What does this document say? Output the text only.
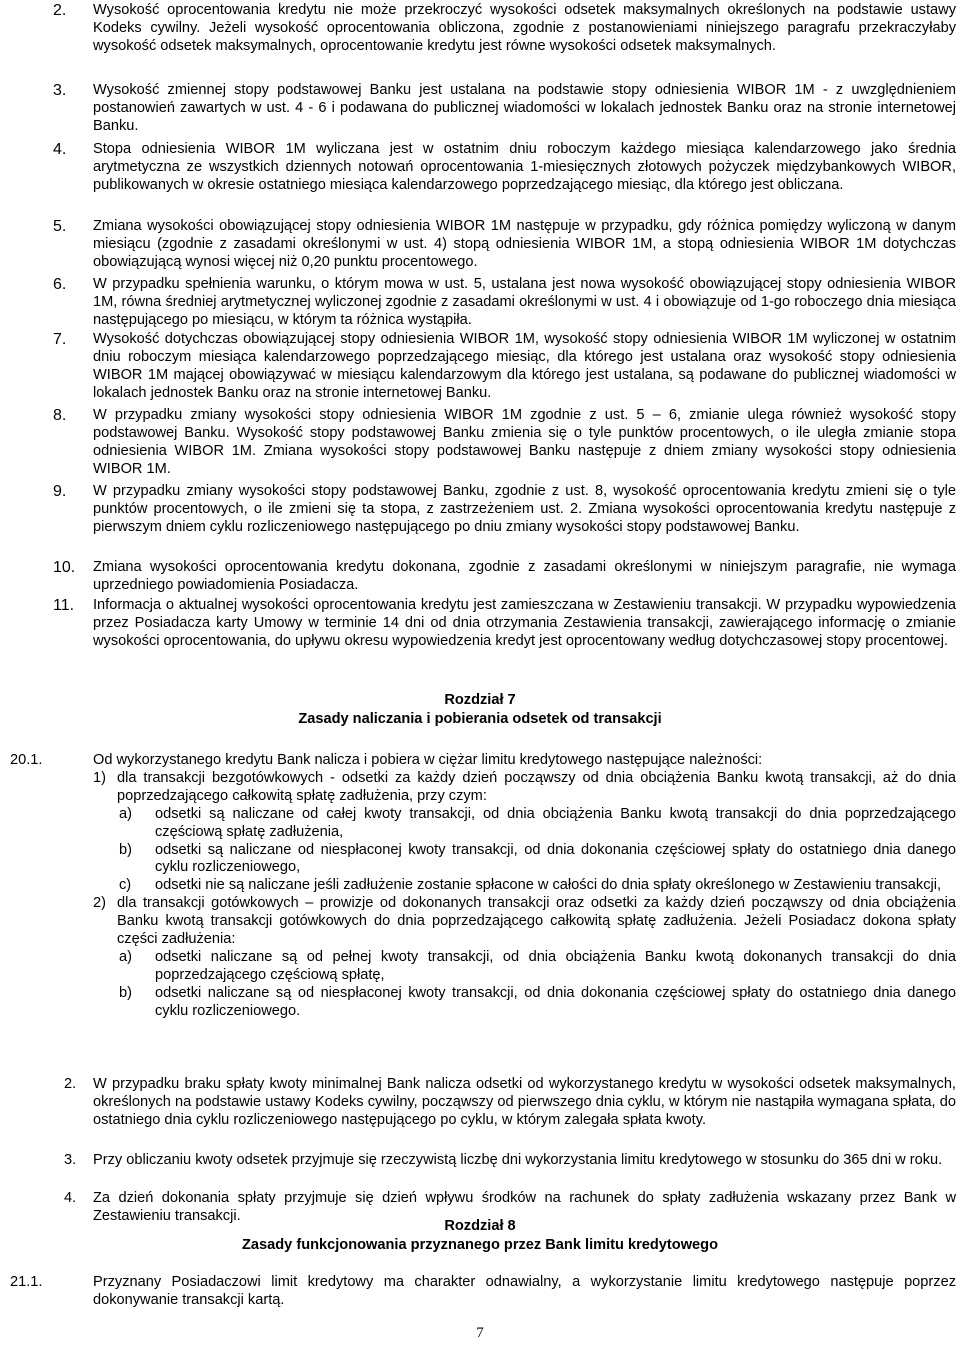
2. Wysokość oprocentowania kredytu nie może przekroczyć wysokości odsetek maksymalnych określonych na podstawie ustawy Kodeks cywilny. Jeżeli wysokość oprocentowania obliczona, zgodnie z postanowieniami niniejszego paragrafu przekraczyłaby wysokość odsetek maksymalnych, oprocentowanie kredytu jest równe wysokości odsetek maksymalnych.
3. Wysokość zmiennej stopy podstawowej Banku jest ustalana na podstawie stopy odniesienia WIBOR 1M - z uwzględnieniem postanowień zawartych w ust. 4 - 6 i podawana do publicznej wiadomości w lokalach jednostek Banku oraz na stronie internetowej Banku.
4. Stopa odniesienia WIBOR 1M wyliczana jest w ostatnim dniu roboczym każdego miesiąca kalendarzowego jako średnia arytmetyczna ze wszystkich dziennych notowań oprocentowania 1-miesięcznych złotowych pożyczek międzybankowych WIBOR, publikowanych w okresie ostatniego miesiąca kalendarzowego poprzedzającego miesiąc, dla którego jest obliczana.
5. Zmiana wysokości obowiązującej stopy odniesienia WIBOR 1M następuje w przypadku, gdy różnica pomiędzy wyliczoną w danym miesiącu (zgodnie z zasadami określonymi w ust. 4) stopą odniesienia WIBOR 1M, a stopą odniesienia WIBOR 1M dotychczas obowiązującą wynosi więcej niż 0,20 punktu procentowego.
6. W przypadku spełnienia warunku, o którym mowa w ust. 5, ustalana jest nowa wysokość obowiązującej stopy odniesienia WIBOR 1M, równa średniej arytmetycznej wyliczonej zgodnie z zasadami określonymi w ust. 4 i obowiązuje od 1-go roboczego dnia miesiąca następującego po miesiącu, w którym ta różnica wystąpiła.
7. Wysokość dotychczas obowiązującej stopy odniesienia WIBOR 1M, wysokość stopy odniesienia WIBOR 1M wyliczonej w ostatnim dniu roboczym miesiąca kalendarzowego poprzedzającego miesiąc, dla którego jest ustalana oraz wysokość stopy odniesienia WIBOR 1M mającej obowiązywać w miesiącu kalendarzowym dla którego jest ustalana, są podawane do publicznej wiadomości w lokalach jednostek Banku oraz na stronie internetowej Banku.
8. W przypadku zmiany wysokości stopy odniesienia WIBOR 1M zgodnie z ust. 5 – 6, zmianie ulega również wysokość stopy podstawowej Banku. Wysokość stopy podstawowej Banku zmienia się o tyle punktów procentowych, o ile uległa zmianie stopa odniesienia WIBOR 1M. Zmiana wysokości stopy podstawowej Banku następuje z dniem zmiany wysokości stopy odniesienia WIBOR 1M.
9. W przypadku zmiany wysokości stopy podstawowej Banku, zgodnie z ust. 8, wysokość oprocentowania kredytu zmieni się o tyle punktów procentowych, o ile zmieni się ta stopa, z zastrzeżeniem ust. 2. Zmiana wysokości oprocentowania kredytu następuje z pierwszym dniem cyklu rozliczeniowego następującego po dniu zmiany wysokości stopy podstawowej Banku.
10. Zmiana wysokości oprocentowania kredytu dokonana, zgodnie z zasadami określonymi w niniejszym paragrafie, nie wymaga uprzedniego powiadomienia Posiadacza.
11. Informacja o aktualnej wysokości oprocentowania kredytu jest zamieszczana w Zestawieniu transakcji. W przypadku wypowiedzenia przez Posiadacza karty Umowy w terminie 14 dni od dnia otrzymania Zestawienia transakcji, zawierającego informację o zmianie wysokości oprocentowania, do upływu okresu wypowiedzenia kredyt jest oprocentowany według dotychczasowej stopy procentowej.
Rozdział 7
Zasady naliczania i pobierania odsetek od transakcji
20.1.	Od wykorzystanego kredytu Bank nalicza i pobiera w ciężar limitu kredytowego następujące należności:
1) dla transakcji bezgotówkowych - odsetki za każdy dzień począwszy od dnia obciążenia Banku kwotą transakcji, aż do dnia poprzedzającego całkowitą spłatę zadłużenia, przy czym:
a) odsetki są naliczane od całej kwoty transakcji, od dnia obciążenia Banku kwotą transakcji do dnia poprzedzającego częściową spłatę zadłużenia,
b) odsetki są naliczane od niespłaconej kwoty transakcji, od dnia dokonania częściowej spłaty do ostatniego dnia danego cyklu rozliczeniowego,
c) odsetki nie są naliczane jeśli zadłużenie zostanie spłacone w całości do dnia spłaty określonego w Zestawieniu transakcji,
2) dla transakcji gotówkowych – prowizje od dokonanych transakcji oraz odsetki za każdy dzień począwszy od dnia obciążenia Banku kwotą transakcji gotówkowych do dnia poprzedzającego całkowitą spłatę zadłużenia. Jeżeli Posiadacz dokona spłaty części zadłużenia:
a) odsetki naliczane są od pełnej kwoty transakcji, od dnia obciążenia Banku kwotą dokonanych transakcji do dnia poprzedzającego częściową spłatę,
b) odsetki naliczane są od niespłaconej kwoty transakcji, od dnia dokonania częściowej spłaty do ostatniego dnia danego cyklu rozliczeniowego.
2. W przypadku braku spłaty kwoty minimalnej Bank nalicza odsetki od wykorzystanego kredytu w wysokości odsetek maksymalnych, określonych na podstawie ustawy Kodeks cywilny, począwszy od pierwszego dnia cyklu, w którym nie nastąpiła wymagana spłata, do ostatniego dnia cyklu rozliczeniowego następującego po cyklu, w którym zalegała spłata kwoty.
3. Przy obliczaniu kwoty odsetek przyjmuje się rzeczywistą liczbę dni wykorzystania limitu kredytowego w stosunku do 365 dni w roku.
4. Za dzień dokonania spłaty przyjmuje się dzień wpływu środków na rachunek do spłaty zadłużenia wskazany przez Bank w Zestawieniu transakcji.
Rozdział 8
Zasady funkcjonowania przyznanego przez Bank limitu kredytowego
21.1.	Przyznany Posiadaczowi limit kredytowy ma charakter odnawialny, a wykorzystanie limitu kredytowego następuje poprzez dokonywanie transakcji kartą.
7
